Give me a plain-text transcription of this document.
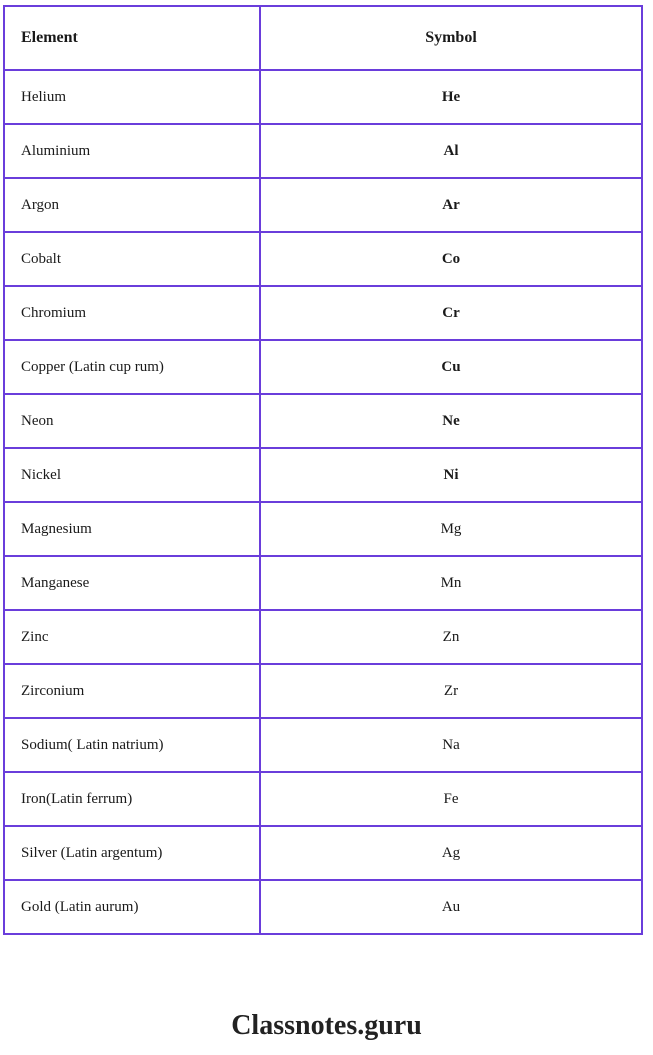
Element	Symbol
Helium	He
Aluminium	Al
Argon	Ar
Cobalt	Co
Chromium	Cr
Copper (Latin cup rum)	Cu
Neon	Ne
Nickel	Ni
Magnesium	Mg
Manganese	Mn
Zinc	Zn
Zirconium	Zr
Sodium( Latin natrium)	Na
Iron(Latin ferrum)	Fe
Silver (Latin argentum)	Ag
Gold (Latin aurum)	Au
Classnotes.guru
